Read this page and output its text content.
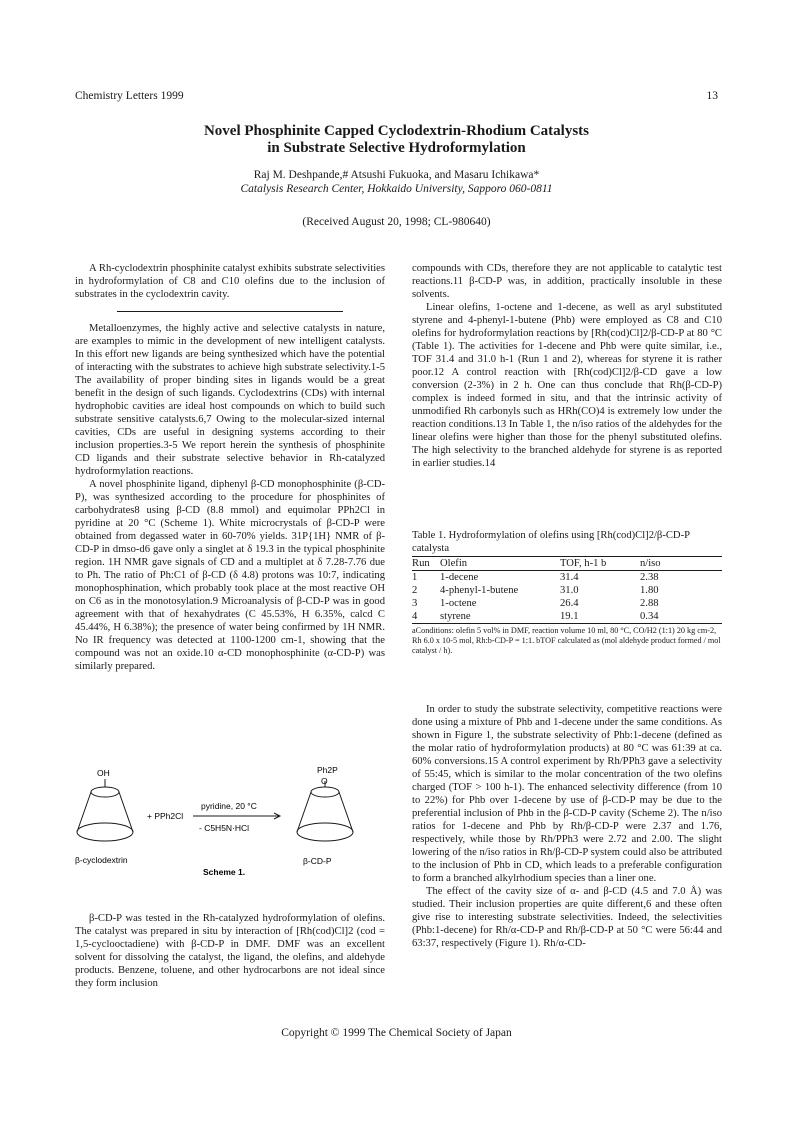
Chemistry Letters 1999	13
Novel Phosphinite Capped Cyclodextrin-Rhodium Catalysts
in Substrate Selective Hydroformylation
Raj M. Deshpande,# Atsushi Fukuoka, and Masaru Ichikawa*
Catalysis Research Center, Hokkaido University, Sapporo 060-0811
(Received August 20, 1998; CL-980640)

A Rh-cyclodextrin phosphinite catalyst exhibits substrate selectivities in hydroformylation of C8 and C10 olefins due to the inclusion of substrates in the cyclodextrin cavity.

Metalloenzymes, the highly active and selective catalysts in nature, are examples to mimic in the development of new intelligent catalysts. In this effort new ligands are being synthesized which have the potential of interacting with the substrates to achieve high substrate selectivity.1-5 The availability of proper binding sites in ligands would be a great benefit in the design of such ligands. Cyclodextrins (CDs) with internal hydrophobic cavities are ideal host compounds on which to build such substrate sensitive catalysts.6,7 Owing to the molecular-sized internal cavities, CDs are useful in designing systems according to their inclusion properties.3-5 We report herein the synthesis of phosphinite CD ligands and their substrate selective behavior in Rh-catalyzed hydroformylation reactions.

A novel phosphinite ligand, diphenyl β-CD monophosphinite (β-CD-P), was synthesized according to the procedure for phosphinites of carbohydrates8 using β-CD (8.8 mmol) and equimolar PPh2Cl in pyridine at 20 °C (Scheme 1). White microcrystals of β-CD-P were obtained from degassed water in 60-70% yields. 31P{1H} NMR of β-CD-P in dmso-d6 gave only a singlet at δ 19.3 in the typical phosphinite region. 1H NMR gave signals of CD and a multiplet at δ 7.28-7.76 due to Ph. The ratio of Ph:C1 of β-CD (δ 4.8) protons was 10:7, indicating monophosphination, which probably took place at the most reactive OH on C6 as in the monotosylation.9 Microanalysis of β-CD-P was in good agreement with that of hexahydrates (C 45.53%, H 6.35%, calcd C 45.44%, H 6.38%); the presence of water being confirmed by 1H NMR. No IR frequency was detected at 1100-1200 cm-1, showing that the compound was not an oxide.10 α-CD monophosphinite (α-CD-P) was similarly prepared.

OH	Ph2P
O
+ PPh2Cl
pyridine, 20 °C
- C5H5N·HCl
β-cyclodextrin	β-CD-P
Scheme 1.

β-CD-P was tested in the Rh-catalyzed hydroformylation of olefins. The catalyst was prepared in situ by interaction of [Rh(cod)Cl]2 (cod = 1,5-cyclooctadiene) with β-CD-P in DMF. DMF was an excellent solvent for dissolving the catalyst, the ligand, the olefins, and aldehyde products. Benzene, toluene, and other hydrocarbons are not ideal since they form inclusion

compounds with CDs, therefore they are not applicable to catalytic test reactions.11 β-CD-P was, in addition, practically insoluble in these solvents.

Linear olefins, 1-octene and 1-decene, as well as aryl substituted styrene and 4-phenyl-1-butene (Phb) were employed as C8 and C10 olefins for hydroformylation reactions by [Rh(cod)Cl]2/β-CD-P at 80 °C (Table 1). The activities for 1-decene and Phb were quite similar, i.e., TOF 31.4 and 31.0 h-1 (Run 1 and 2), whereas for styrene it is rather poor.12 A control reaction with [Rh(cod)Cl]2/β-CD gave a low conversion (2-3%) in 2 h. One can thus conclude that Rh(β-CD-P) complex is indeed formed in situ, and that the intrinsic activity of unmodified Rh carbonyls such as HRh(CO)4 is extremely low under the reaction conditions.13 In Table 1, the n/iso ratios of the aldehydes for the linear olefins were higher than those for the phenyl substituted olefins. The high selectivity to the branched aldehyde for styrene is as reported in earlier studies.14

Table 1. Hydroformylation of olefins using [Rh(cod)Cl]2/β-CD-P catalysta
Run	Olefin	TOF, h-1 b	n/iso
1	1-decene	31.4	2.38
2	4-phenyl-1-butene	31.0	1.80
3	1-octene	26.4	2.88
4	styrene	19.1	0.34
aConditions: olefin 5 vol% in DMF, reaction volume 10 ml, 80 °C, CO/H2 (1:1) 20 kg cm-2, Rh 6.0 x 10-5 mol, Rh:b-CD-P = 1:1. bTOF calculated as (mol aldehyde product formed / mol catalyst / h).

In order to study the substrate selectivity, competitive reactions were done using a mixture of Phb and 1-decene under the same conditions. As shown in Figure 1, the substrate selectivity of Phb:1-decene (defined as the molar ratio of hydroformylation products) at 80 °C was 61:39 at ca. 60% conversions.15 A control experiment by Rh/PPh3 gave a selectivity of 55:45, which is similar to the molar concentration of the two olefins charged (TOF > 100 h-1). The enhanced selectivity difference (from 10 to 22%) for Phb over 1-decene by use of β-CD-P may be due to the preferential inclusion of Phb in the β-CD-P cavity (Scheme 2). The n/iso ratios for 1-decene and Phb by Rh/β-CD-P were 2.37 and 1.76, respectively, while those by Rh/PPh3 were 2.72 and 2.00. The slight lowering of the n/iso ratios in Rh/β-CD-P system could also be attributed to the inclusion of Phb in CD, which leads to a preferable configuration to form a branched alkylrhodium species than a liner one.

The effect of the cavity size of α- and β-CD (4.5 and 7.0 Å) was studied. Their inclusion properties are quite different,6 and these often give rise to interesting substrate selectivities. Indeed, the selectivities (Phb:1-decene) for Rh/α-CD-P and Rh/β-CD-P at 50 °C were 56:44 and 63:37, respectively (Figure 1). Rh/α-CD-

Copyright © 1999 The Chemical Society of Japan
